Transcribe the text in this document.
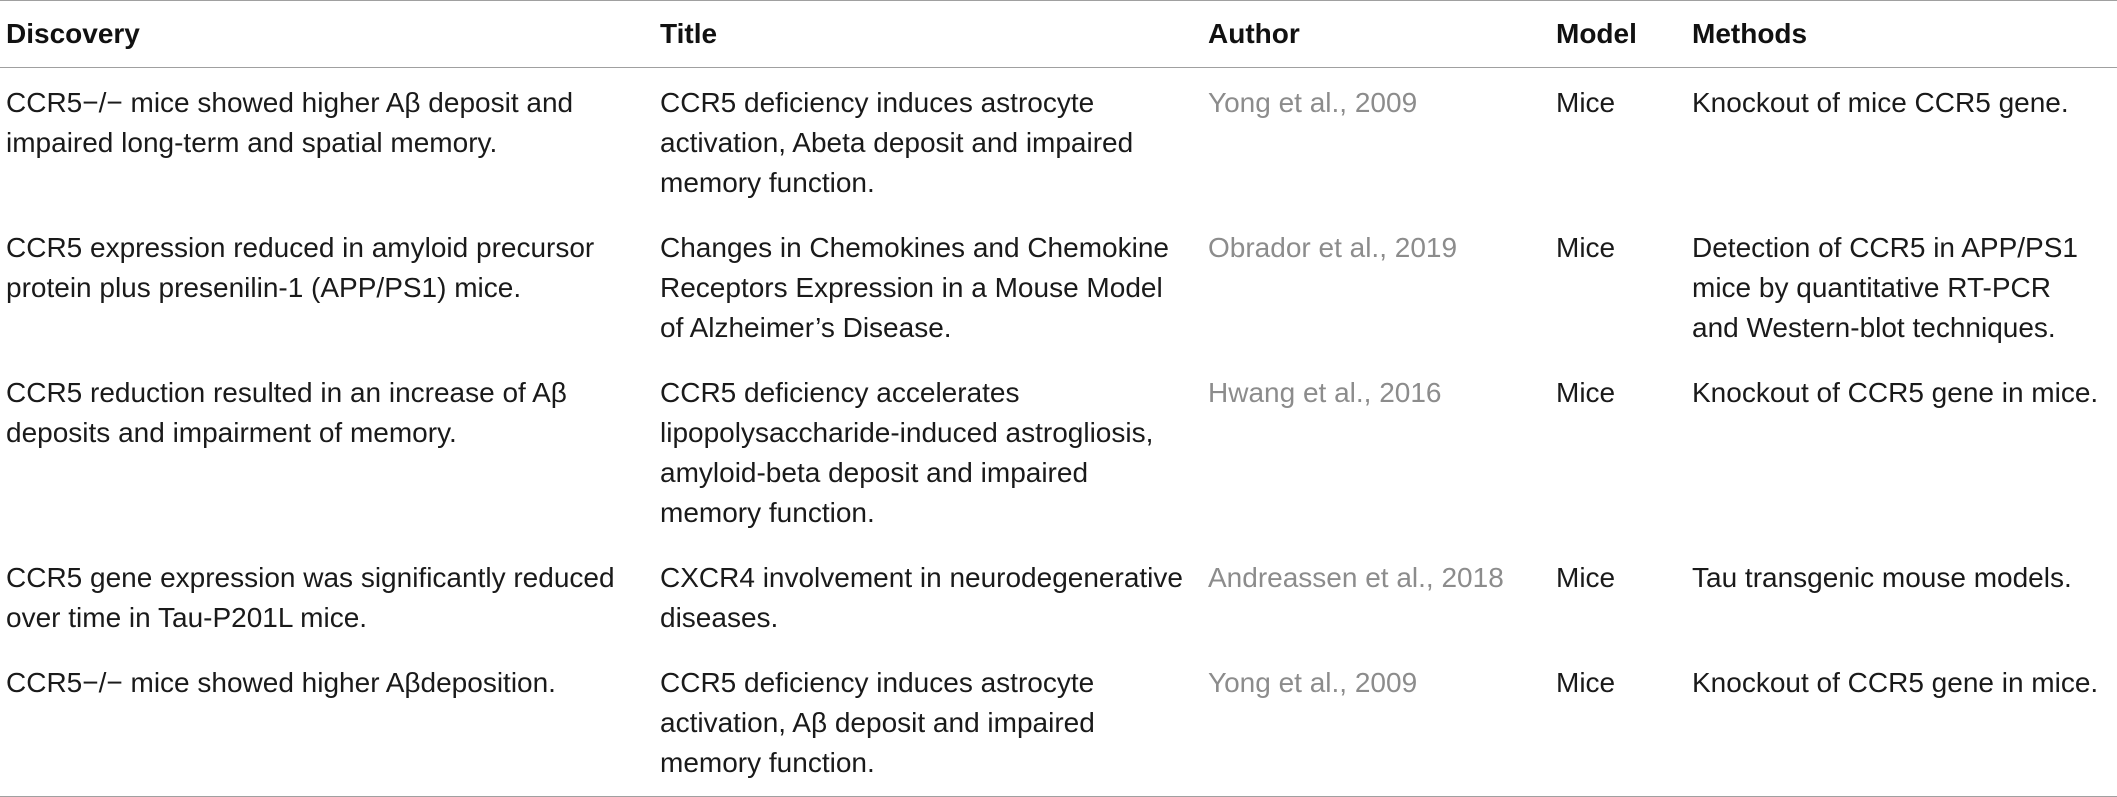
Discovery	Title	Author	Model	Methods
CCR5−/− mice showed higher Aβ deposit and impaired long-term and spatial memory.	CCR5 deficiency induces astrocyte activation, Abeta deposit and impaired memory function.	Yong et al., 2009	Mice	Knockout of mice CCR5 gene.
CCR5 expression reduced in amyloid precursor protein plus presenilin-1 (APP/PS1) mice.	Changes in Chemokines and Chemokine Receptors Expression in a Mouse Model of Alzheimer’s Disease.	Obrador et al., 2019	Mice	Detection of CCR5 in APP/PS1 mice by quantitative RT-PCR and Western-blot techniques.
CCR5 reduction resulted in an increase of Aβ deposits and impairment of memory.	CCR5 deficiency accelerates lipopolysaccharide-induced astrogliosis, amyloid-beta deposit and impaired memory function.	Hwang et al., 2016	Mice	Knockout of CCR5 gene in mice.
CCR5 gene expression was significantly reduced over time in Tau-P201L mice.	CXCR4 involvement in neurodegenerative diseases.	Andreassen et al., 2018	Mice	Tau transgenic mouse models.
CCR5−/− mice showed higher Aβdeposition.	CCR5 deficiency induces astrocyte activation, Aβ deposit and impaired memory function.	Yong et al., 2009	Mice	Knockout of CCR5 gene in mice.
